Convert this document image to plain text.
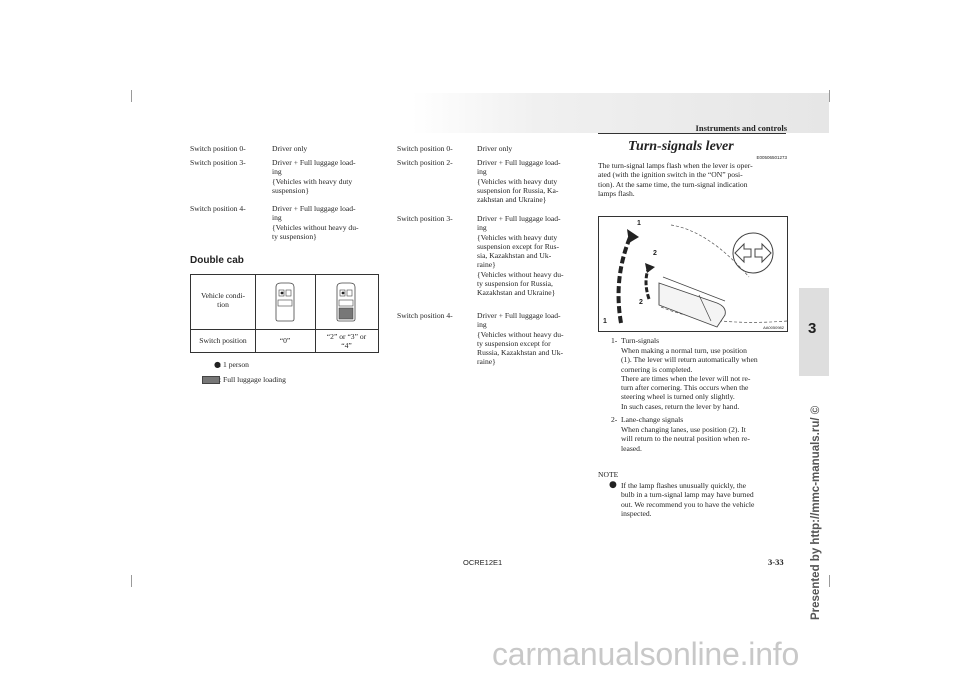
Instruments and controls
3
Presented by http://mmc-manuals.ru/ ©
Switch position 0-	Driver only
Switch position 3-	Driver + Full luggage load-
ing
{Vehicles with heavy duty
suspension}
Switch position 4-	Driver + Full luggage load-
ing
{Vehicles without heavy du-
ty suspension}
Double cab
Vehicle condi-
tion
Switch position	“0”	“2” or “3” or
“4”
●
: 1 person
: Full luggage loading
Switch position 0-	Driver only
Switch position 2-	Driver + Full luggage load-
ing
{Vehicles with heavy duty
suspension for Russia, Ka-
zakhstan and Ukraine}
Switch position 3-	Driver + Full luggage load-
ing
{Vehicles with heavy duty
suspension except for Rus-
sia, Kazakhstan and Uk-
raine}
{Vehicles without heavy du-
ty suspension for Russia,
Kazakhstan and Ukraine}
Switch position 4-	Driver + Full luggage load-
ing
{Vehicles without heavy du-
ty suspension except for
Russia, Kazakhstan and Uk-
raine}
Turn-signals lever
E00506501273
The turn-signal lamps flash when the lever is oper-
ated (with the ignition switch in the “ON” posi-
tion). At the same time, the turn-signal indication
lamps flash.
1
2
2
1
AA0050982
1- Turn-signals
When making a normal turn, use position
(1). The lever will return automatically when
cornering is completed.
There are times when the lever will not re-
turn after cornering. This occurs when the
steering wheel is turned only slightly.
In such cases, return the lever by hand.
2- Lane-change signals
When changing lanes, use position (2). It
will return to the neutral position when re-
leased.
NOTE
● If the lamp flashes unusually quickly, the
bulb in a turn-signal lamp may have burned
out. We recommend you to have the vehicle
inspected.
OCRE12E1	3-33
carmanualsonline.info
